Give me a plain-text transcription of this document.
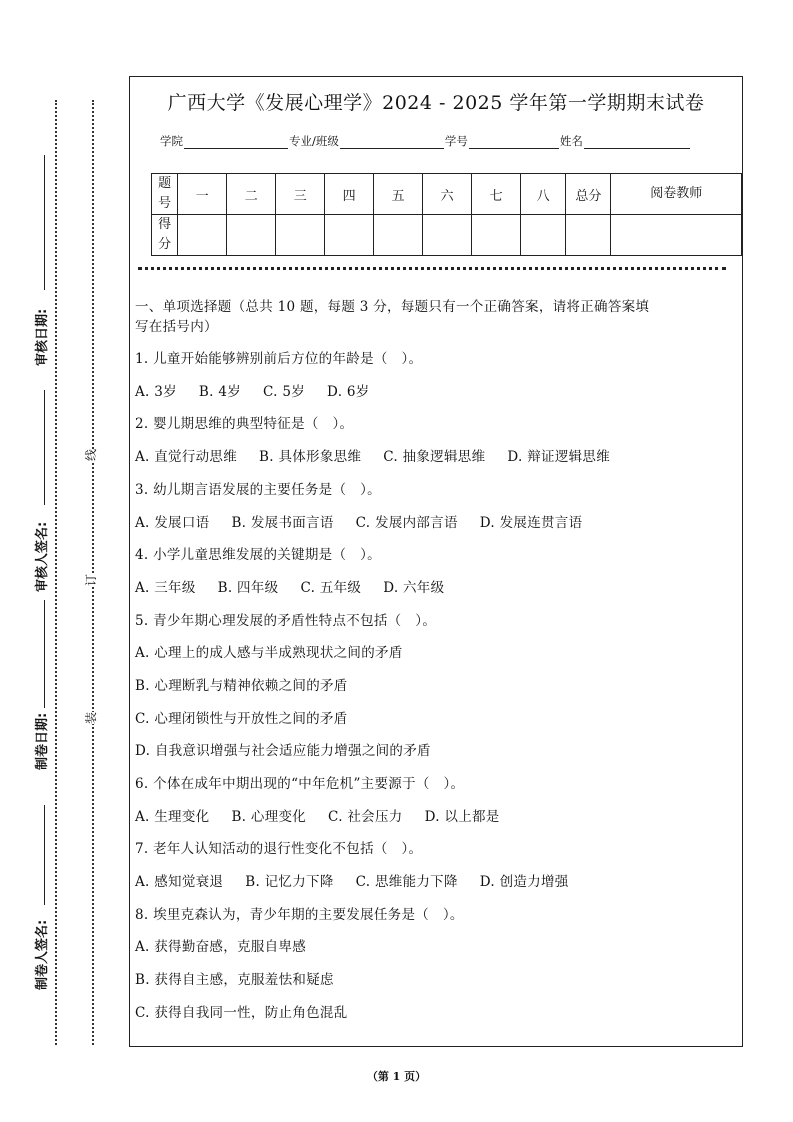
审核日期:
审核人签名:
制卷日期:
制卷人签名:
线
订
装
广西大学《发展心理学》2024 - 2025 学年第一学期期末试卷
学院	专业/班级	学号	姓名
题号	一	二	三	四	五	六	七	八	总分	阅卷教师
得分										
一、单项选择题（总共 10 题，每题 3 分，每题只有一个正确答案，请将正确答案填
写在括号内）
1. 儿童开始能够辨别前后方位的年龄是（　）。
A. 3岁 B. 4岁 C. 5岁 D. 6岁
2. 婴儿期思维的典型特征是（　）。
A. 直觉行动思维 B. 具体形象思维 C. 抽象逻辑思维 D. 辩证逻辑思维
3. 幼儿期言语发展的主要任务是（　）。
A. 发展口语 B. 发展书面言语 C. 发展内部言语 D. 发展连贯言语
4. 小学儿童思维发展的关键期是（　）。
A. 三年级 B. 四年级 C. 五年级 D. 六年级
5. 青少年期心理发展的矛盾性特点不包括（　）。
A. 心理上的成人感与半成熟现状之间的矛盾
B. 心理断乳与精神依赖之间的矛盾
C. 心理闭锁性与开放性之间的矛盾
D. 自我意识增强与社会适应能力增强之间的矛盾
6. 个体在成年中期出现的“中年危机”主要源于（　）。
A. 生理变化 B. 心理变化 C. 社会压力 D. 以上都是
7. 老年人认知活动的退行性变化不包括（　）。
A. 感知觉衰退 B. 记忆力下降 C. 思维能力下降 D. 创造力增强
8. 埃里克森认为，青少年期的主要发展任务是（　）。
A. 获得勤奋感，克服自卑感
B. 获得自主感，克服羞怯和疑虑
C. 获得自我同一性，防止角色混乱
（第 1 页）
